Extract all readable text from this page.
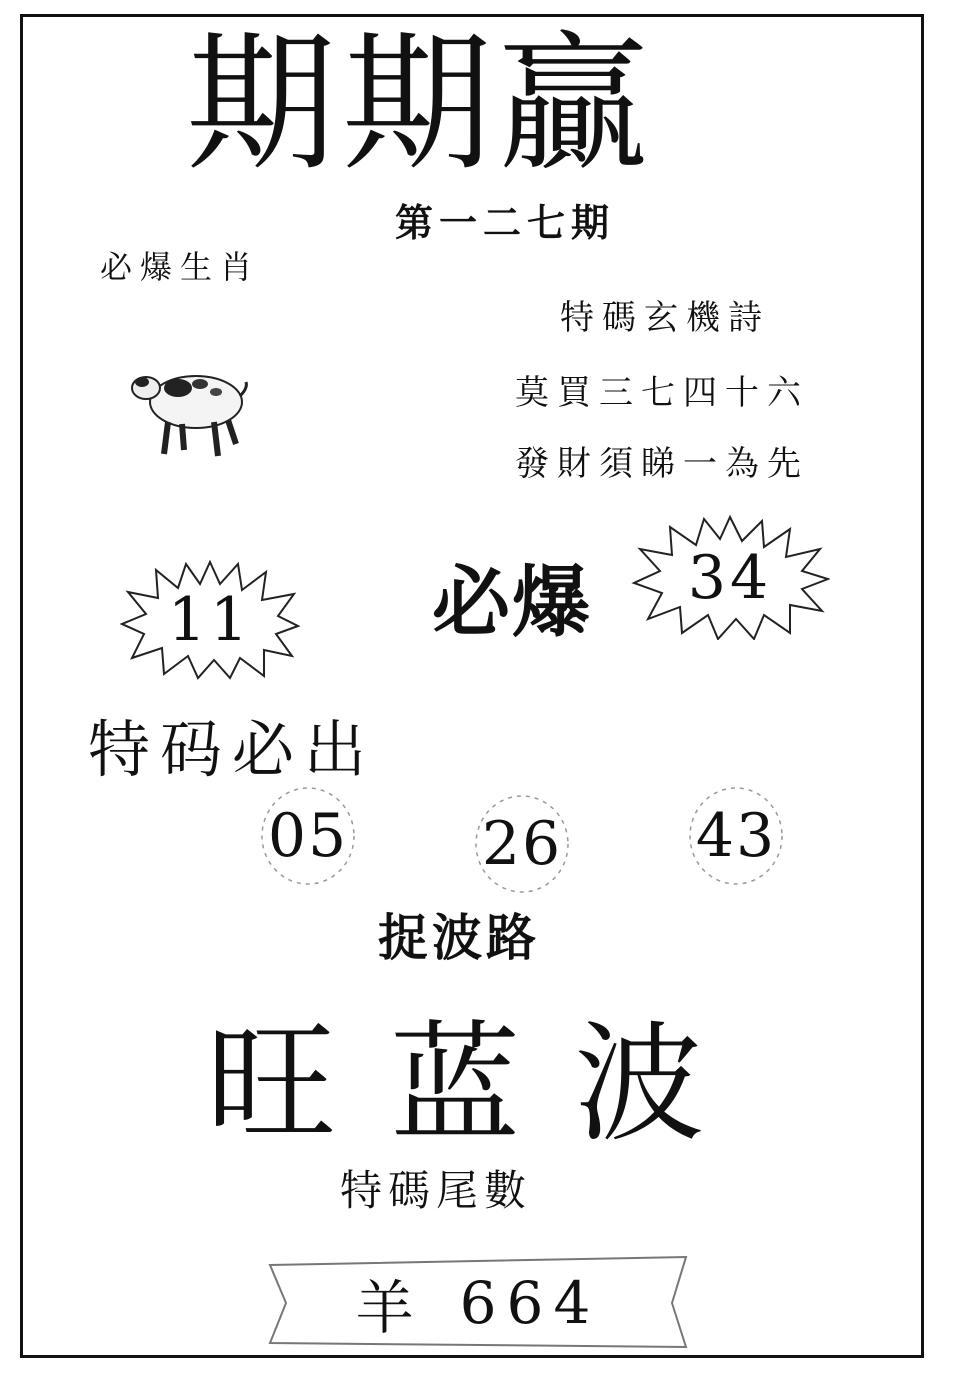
期期贏
第一二七期
必爆生肖
特碼玄機詩
莫買三七四十六
發財須睇一為先
必爆	34
11
特码必出
05 26 43
捉波路
旺蓝波
特碼尾數
羊 664
